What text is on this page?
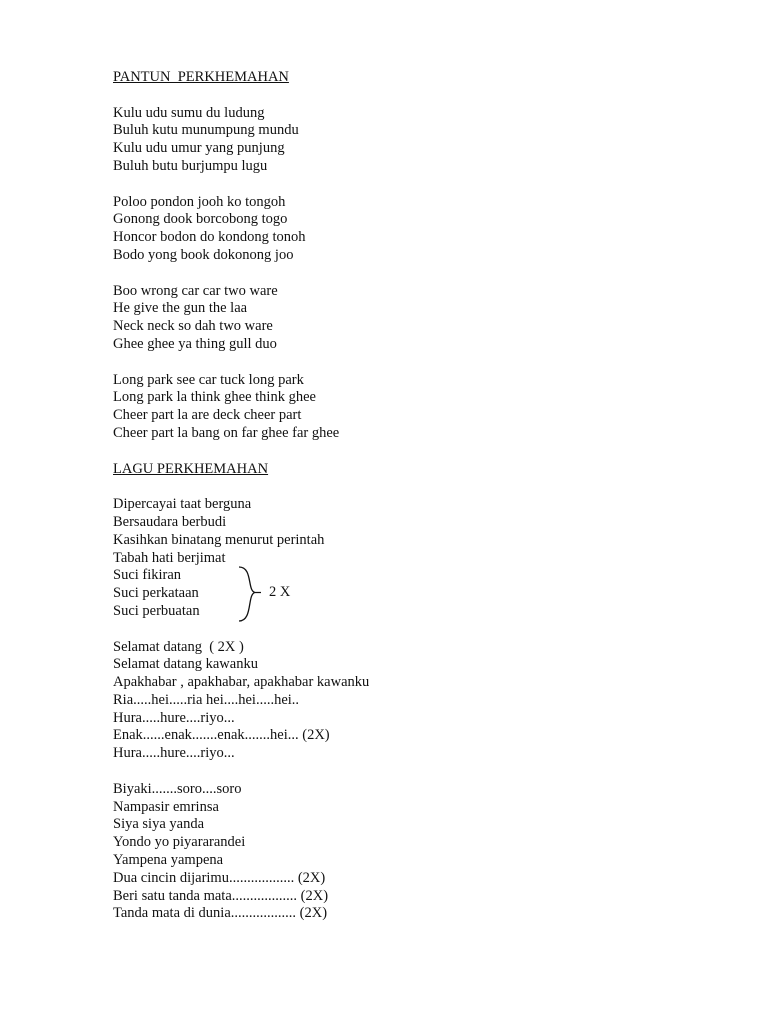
PANTUN  PERKHEMAHAN
Kulu udu sumu du ludung
Buluh kutu munumpung mundu
Kulu udu umur yang punjung
Buluh butu burjumpu lugu
Poloo pondon jooh ko tongoh
Gonong dook borcobong togo
Honcor bodon do kondong tonoh
Bodo yong book dokonong joo
Boo wrong car car two ware
He give the gun the laa
Neck neck so dah two ware
Ghee ghee ya thing gull duo
Long park see car tuck long park
Long park la think ghee think ghee
Cheer part la are deck cheer part
Cheer part la bang on far ghee far ghee
LAGU PERKHEMAHAN
Dipercayai taat berguna
Bersaudara berbudi
Kasihkan binatang menurut perintah
Tabah hati berjimat
Suci fikiran
Suci perkataan
Suci perbuatan
2 X
Selamat datang  ( 2X )
Selamat datang kawanku
Apakhabar , apakhabar, apakhabar kawanku
Ria.....hei.....ria hei....hei.....hei..
Hura.....hure....riyo...
Enak......enak.......enak.......hei... (2X)
Hura.....hure....riyo...
Biyaki.......soro....soro
Nampasir emrinsa
Siya siya yanda
Yondo yo piyararandei
Yampena yampena
Dua cincin dijarimu.................. (2X)
Beri satu tanda mata.................. (2X)
Tanda mata di dunia.................. (2X)
